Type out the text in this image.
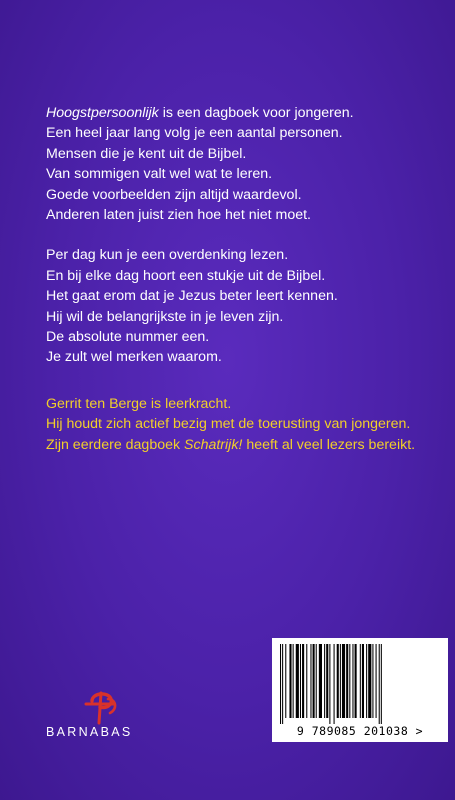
Hoogstpersoonlijk is een dagboek voor jongeren.

Een heel jaar lang volg je een aantal personen.

Mensen die je kent uit de Bijbel.

Van sommigen valt wel wat te leren.

Goede voorbeelden zijn altijd waardevol.

Anderen laten juist zien hoe het niet moet.

Per dag kun je een overdenking lezen.

En bij elke dag hoort een stukje uit de Bijbel.

Het gaat erom dat je Jezus beter leert kennen.

Hij wil de belangrijkste in je leven zijn.

De absolute nummer een.

Je zult wel merken waarom.

Gerrit ten Berge is leerkracht.

Hij houdt zich actief bezig met de toerusting van jongeren.

Zijn eerdere dagboek Schatrijk! heeft al veel lezers bereikt.

BARNABAS	9 789085 201038 >
